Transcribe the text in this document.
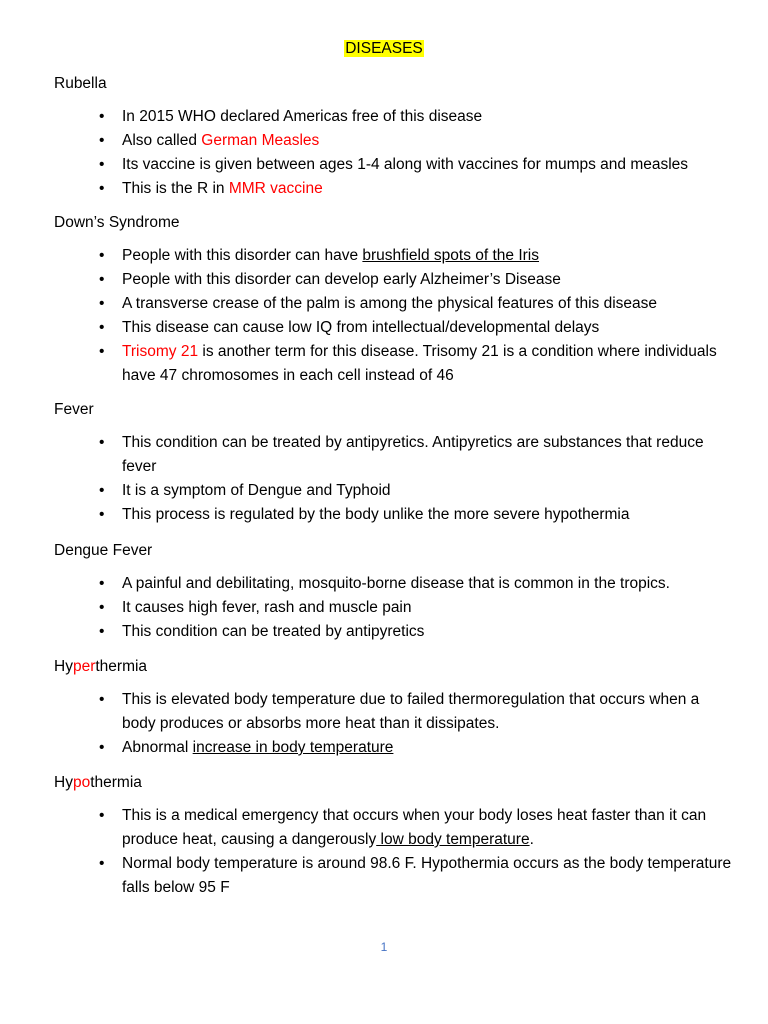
DISEASES
Rubella
• In 2015 WHO declared Americas free of this disease
• Also called German Measles
• Its vaccine is given between ages 1-4 along with vaccines for mumps and measles
• This is the R in MMR vaccine
Down’s Syndrome
• People with this disorder can have brushfield spots of the Iris
• People with this disorder can develop early Alzheimer’s Disease
• A transverse crease of the palm is among the physical features of this disease
• This disease can cause low IQ from intellectual/developmental delays
• Trisomy 21 is another term for this disease. Trisomy 21 is a condition where individuals have 47 chromosomes in each cell instead of 46
Fever
• This condition can be treated by antipyretics. Antipyretics are substances that reduce fever
• It is a symptom of Dengue and Typhoid
• This process is regulated by the body unlike the more severe hypothermia
Dengue Fever
• A painful and debilitating, mosquito-borne disease that is common in the tropics.
• It causes high fever, rash and muscle pain
• This condition can be treated by antipyretics
Hyperthermia
• This is elevated body temperature due to failed thermoregulation that occurs when a body produces or absorbs more heat than it dissipates.
• Abnormal increase in body temperature
Hypothermia
• This is a medical emergency that occurs when your body loses heat faster than it can produce heat, causing a dangerously low body temperature.
• Normal body temperature is around 98.6 F. Hypothermia occurs as the body temperature falls below 95 F
1
